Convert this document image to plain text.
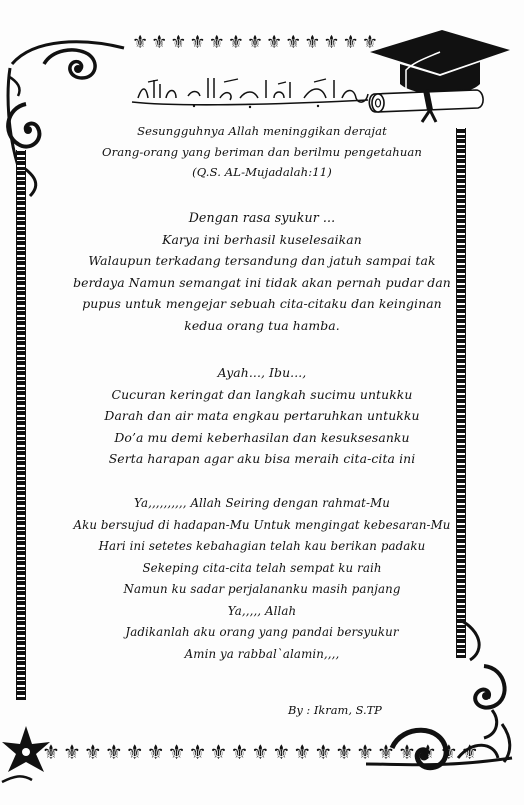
⚜ ⚜ ⚜ ⚜ ⚜ ⚜ ⚜ ⚜ ⚜ ⚜ ⚜ ⚜ ⚜
⚜ ⚜ ⚜ ⚜ ⚜ ⚜ ⚜ ⚜ ⚜ ⚜ ⚜ ⚜ ⚜ ⚜ ⚜ ⚜ ⚜ ⚜ ⚜ ⚜ ⚜
Sesungguhnya Allah meninggikan derajat
Orang-orang yang beriman dan berilmu pengetahuan
(Q.S. AL-Mujadalah:11)
Dengan rasa syukur ...
Karya ini berhasil kuselesaikan
Walaupun terkadang tersandung dan jatuh sampai tak
berdaya Namun semangat ini tidak akan pernah pudar dan
pupus untuk mengejar sebuah cita-citaku dan keinginan
kedua orang tua hamba.
Ayah..., Ibu...,
Cucuran keringat dan langkah sucimu untukku
Darah dan air mata engkau pertaruhkan untukku
Do’a mu demi keberhasilan dan kesuksesanku
Serta harapan agar aku bisa meraih cita-cita ini
Ya,,,,,,,,,, Allah Seiring dengan rahmat-Mu
Aku bersujud di hadapan-Mu Untuk mengingat kebesaran-Mu
Hari ini setetes kebahagian telah kau berikan padaku
Sekeping cita-cita telah sempat ku raih
Namun ku sadar perjalananku masih panjang
Ya,,,,, Allah
Jadikanlah aku orang yang pandai bersyukur
Amin ya rabbal`alamin,,,,
By : Ikram, S.TP
